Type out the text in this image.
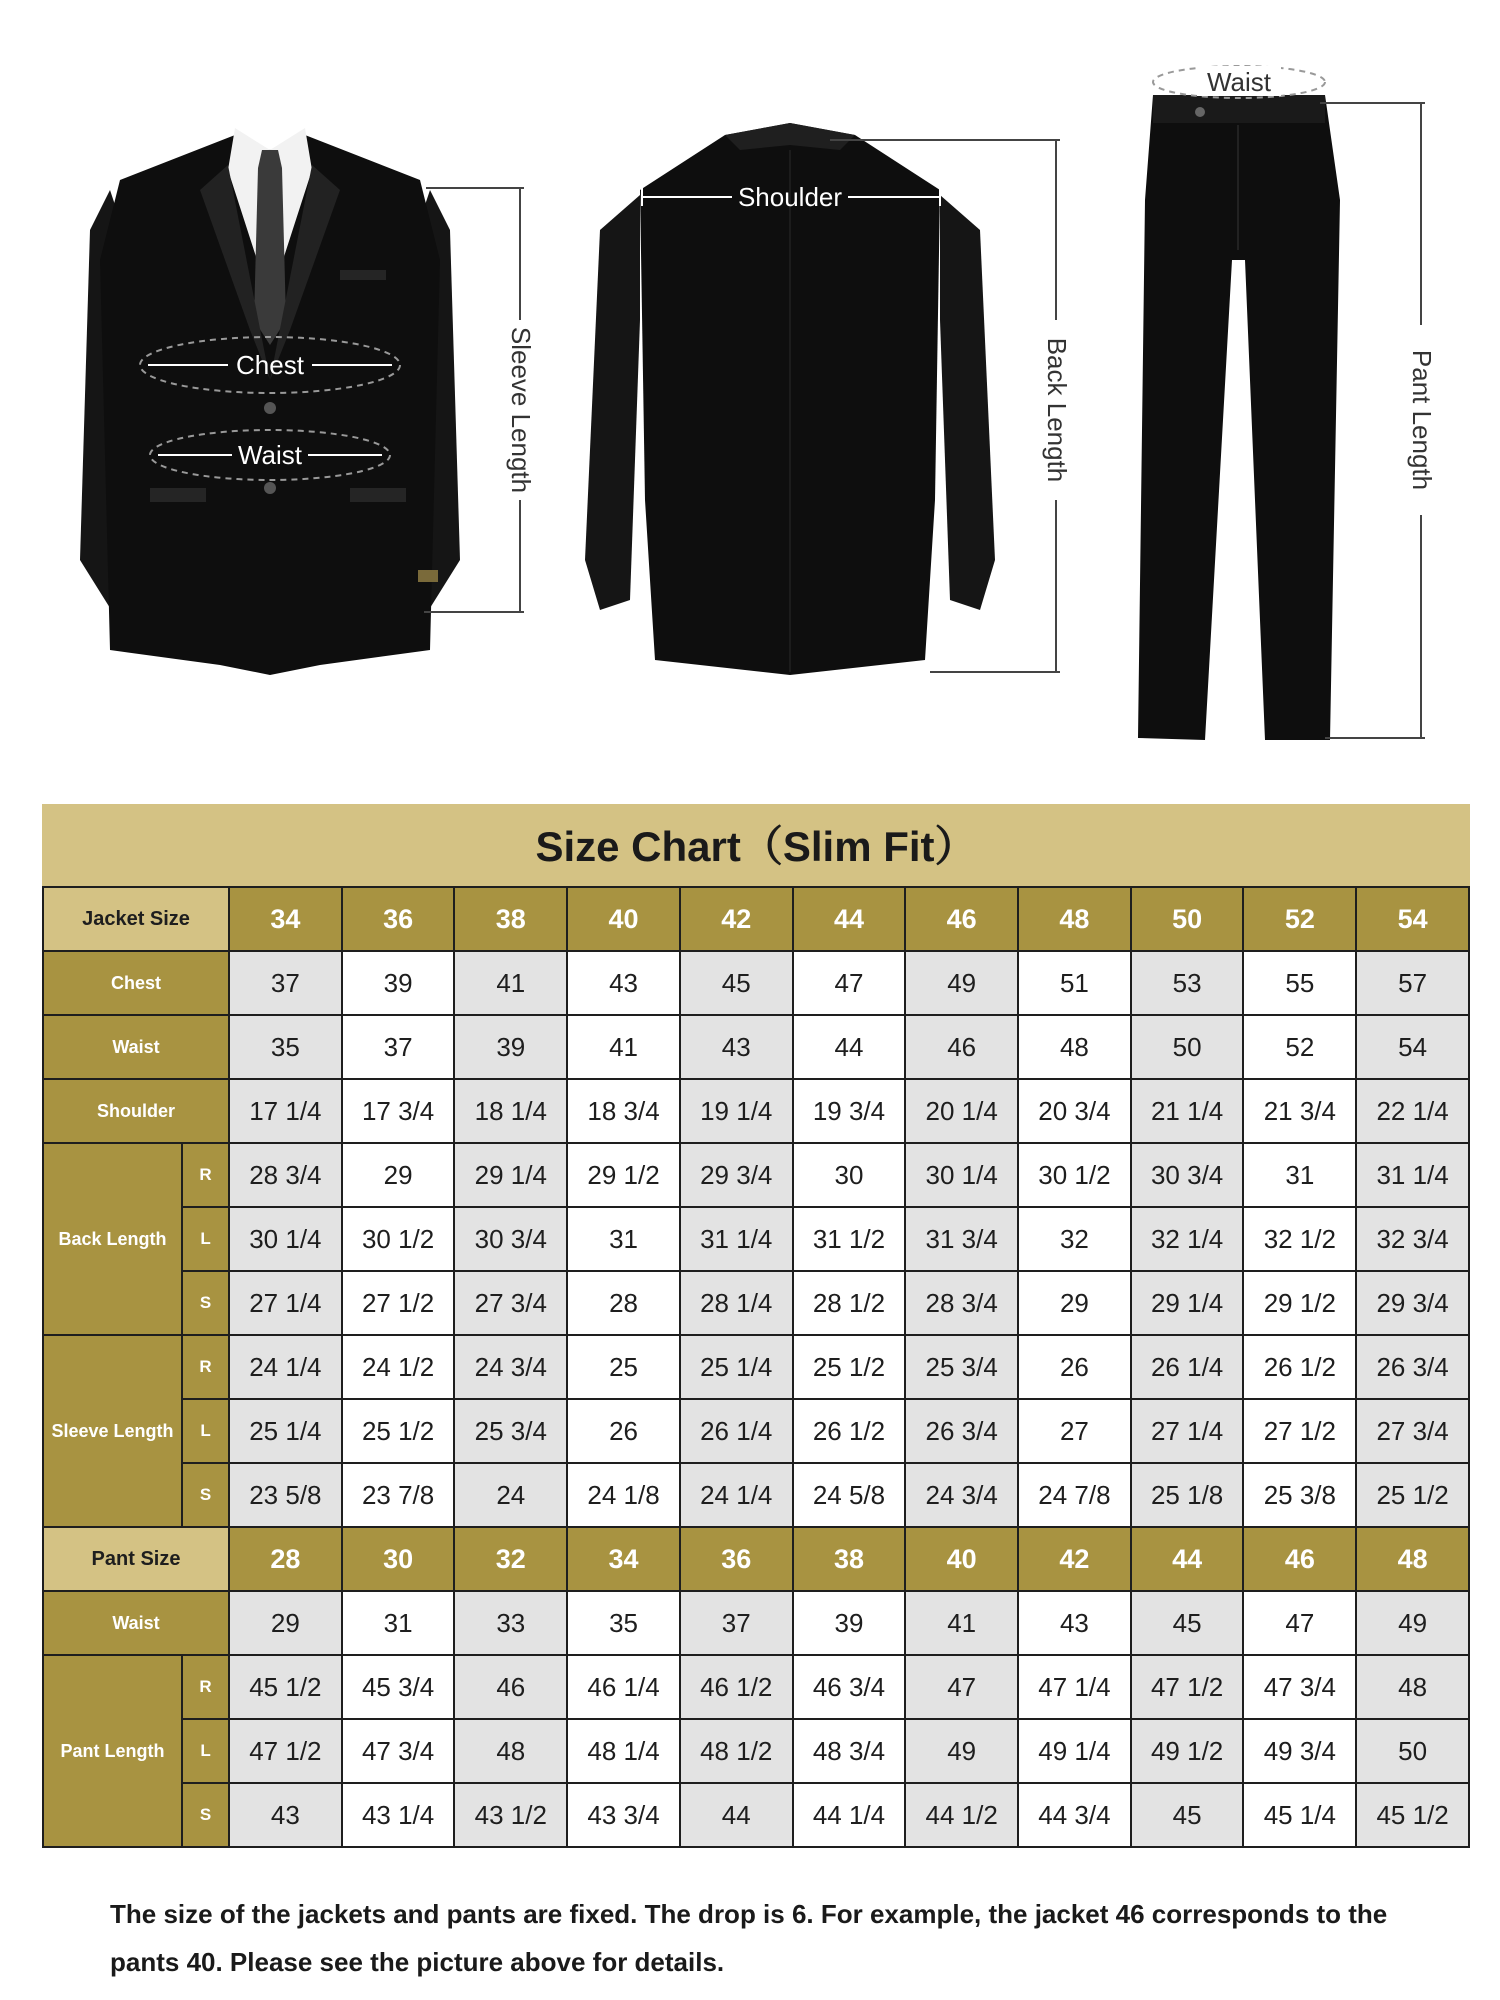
Chest
Waist	Sleeve Length
Shoulder
Back Length
Waist
Pant Length
Size Chart（Slim Fit）
Jacket Size		34	36	38	40	42	44	46	48	50	52	54
Chest		37	39	41	43	45	47	49	51	53	55	57
Waist		35	37	39	41	43	44	46	48	50	52	54
Shoulder		17 1/4	17 3/4	18 1/4	18 3/4	19 1/4	19 3/4	20 1/4	20 3/4	21 1/4	21 3/4	22 1/4
Back Length	R	28 3/4	29	29 1/4	29 1/2	29 3/4	30	30 1/4	30 1/2	30 3/4	31	31 1/4
	L	30 1/4	30 1/2	30 3/4	31	31 1/4	31 1/2	31 3/4	32	32 1/4	32 1/2	32 3/4
	S	27 1/4	27 1/2	27 3/4	28	28 1/4	28 1/2	28 3/4	29	29 1/4	29 1/2	29 3/4
Sleeve Length	R	24 1/4	24 1/2	24 3/4	25	25 1/4	25 1/2	25 3/4	26	26 1/4	26 1/2	26 3/4
	L	25 1/4	25 1/2	25 3/4	26	26 1/4	26 1/2	26 3/4	27	27 1/4	27 1/2	27 3/4
	S	23 5/8	23 7/8	24	24 1/8	24 1/4	24 5/8	24 3/4	24 7/8	25 1/8	25 3/8	25 1/2
Pant Size		28	30	32	34	36	38	40	42	44	46	48
Waist		29	31	33	35	37	39	41	43	45	47	49
Pant Length	R	45 1/2	45 3/4	46	46 1/4	46 1/2	46 3/4	47	47 1/4	47 1/2	47 3/4	48
	L	47 1/2	47 3/4	48	48 1/4	48 1/2	48 3/4	49	49 1/4	49 1/2	49 3/4	50
	S	43	43 1/4	43 1/2	43 3/4	44	44 1/4	44 1/2	44 3/4	45	45 1/4	45 1/2
The size of the jackets and pants are fixed. The drop is 6. For example, the jacket 46 corresponds to the pants 40. Please see the picture above for details.
